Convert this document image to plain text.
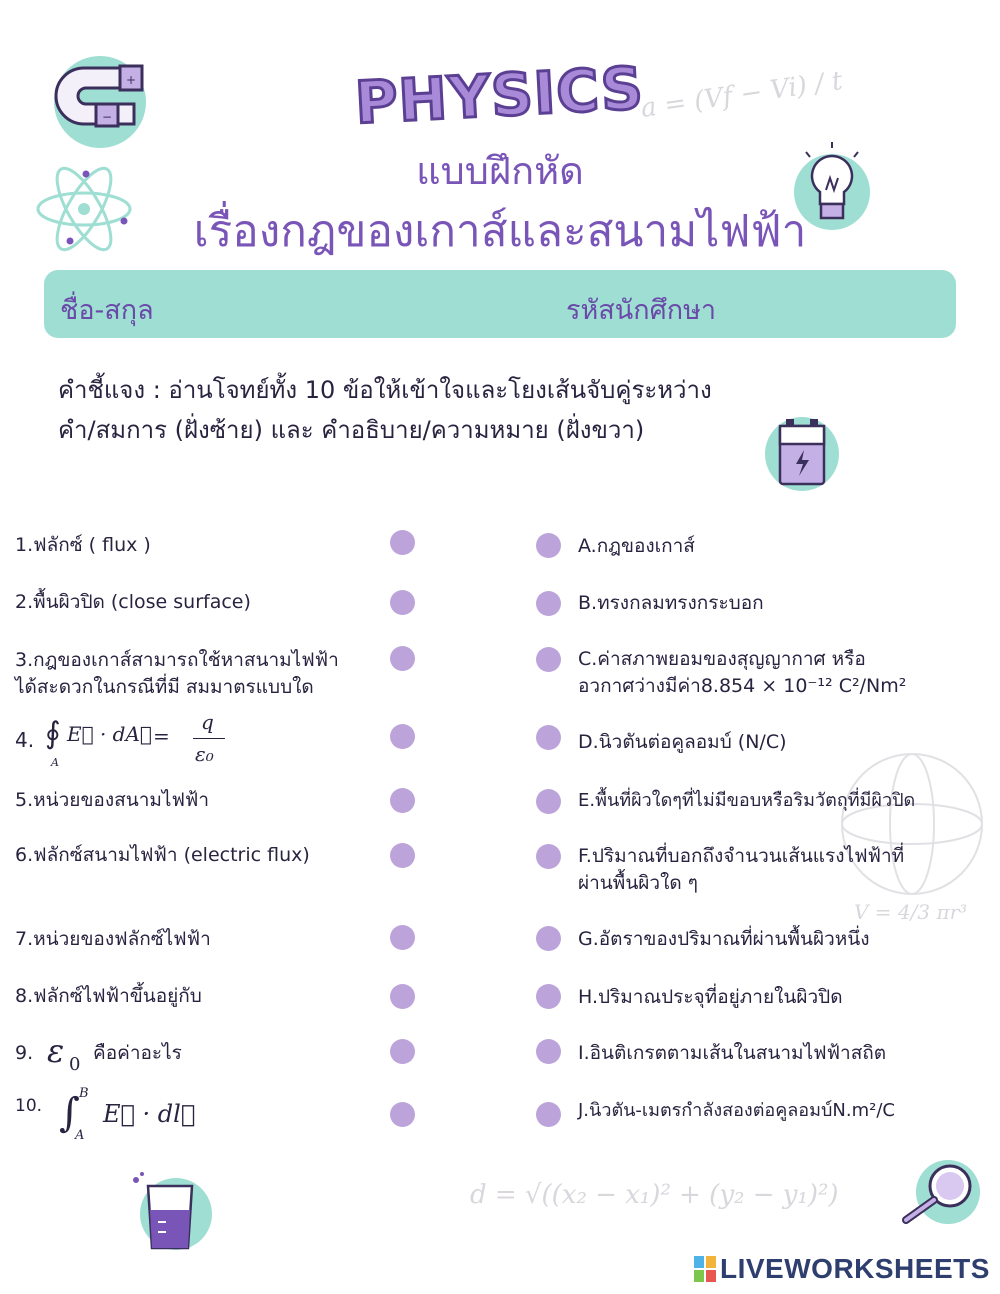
+
−	a = (Vf − Vi) / t
V = 4/3 πr³
d = √((x₂ − x₁)² + (y₂ − y₁)²)
PHYSICS
แบบฝึกหัด
เรื่องกฎของเกาส์และสนามไฟฟ้า
ชื่อ-สกุล	รหัสนักศึกษา
คำชี้แจง : อ่านโจทย์ทั้ง 10 ข้อให้เข้าใจและโยงเส้นจับคู่ระหว่าง
คำ/สมการ (ฝั่งซ้าย) และ คำอธิบาย/ความหมาย (ฝั่งขวา)
1.ฟลักซ์ ( flux )
2.พื้นผิวปิด (close surface)
3.กฎของเกาส์สามารถใช้หาสนามไฟฟ้า
ได้สะดวกในกรณีที่มี สมมาตรแบบใด
4. ∮
A
E⃗ · dA⃗ =
q
ε₀
5.หน่วยของสนามไฟฟ้า
6.ฟลักซ์สนามไฟฟ้า (electric flux)
7.หน่วยของฟลักซ์ไฟฟ้า
8.ฟลักซ์ไฟฟ้าขึ้นอยู่กับ
9. ε 0
คือค่าอะไร
10. ∫ B
A
E⃗ · dl⃗
A.กฎของเกาส์
B.ทรงกลมทรงกระบอก
C.ค่าสภาพยอมของสุญญากาศ หรือ
อวกาศว่างมีค่า8.854 × 10⁻¹² C²/Nm²
D.นิวตันต่อคูลอมบ์ (N/C)
E.พื้นที่ผิวใดๆที่ไม่มีขอบหรือริมวัตถุที่มีผิวปิด
F.ปริมาณที่บอกถึงจำนวนเส้นแรงไฟฟ้าที่
ผ่านพื้นผิวใด ๆ
G.อัตราของปริมาณที่ผ่านพื้นผิวหนึ่ง
H.ปริมาณประจุที่อยู่ภายในผิวปิด
I.อินติเกรตตามเส้นในสนามไฟฟ้าสถิต
J.นิวตัน-เมตรกำลังสองต่อคูลอมบ์N.m²/C
LIVEWORKSHEETS
